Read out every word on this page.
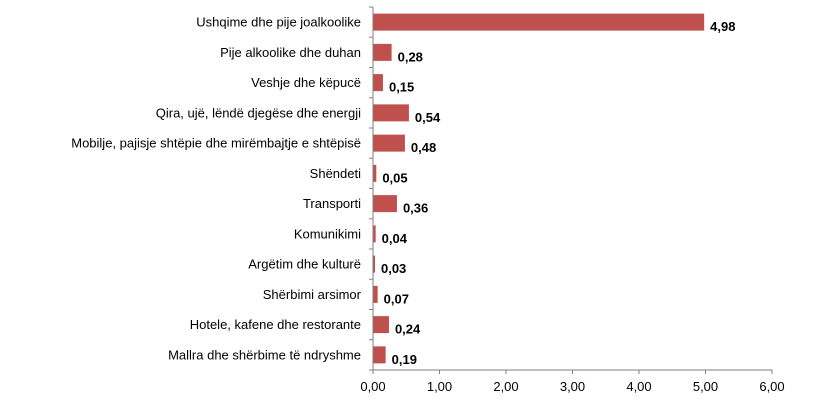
Ushqime dhe pije joalkoolike
Pije alkoolike dhe duhan
Veshje dhe këpucë
Qira, ujë, lëndë djegëse dhe energji
Mobilje, pajisje shtëpie dhe mirëmbajtje e shtëpisë
Shëndeti
Transporti
Komunikimi
Argëtim dhe kulturë
Shërbimi arsimor
Hotele, kafene dhe restorante
Mallra dhe shërbime të ndryshme
4,98
0,28
0,15
0,54
0,48
0,05
0,36
0,04
0,03
0,07
0,24
0,19
0,00	1,00	2,00	3,00	4,00	5,00	6,00
